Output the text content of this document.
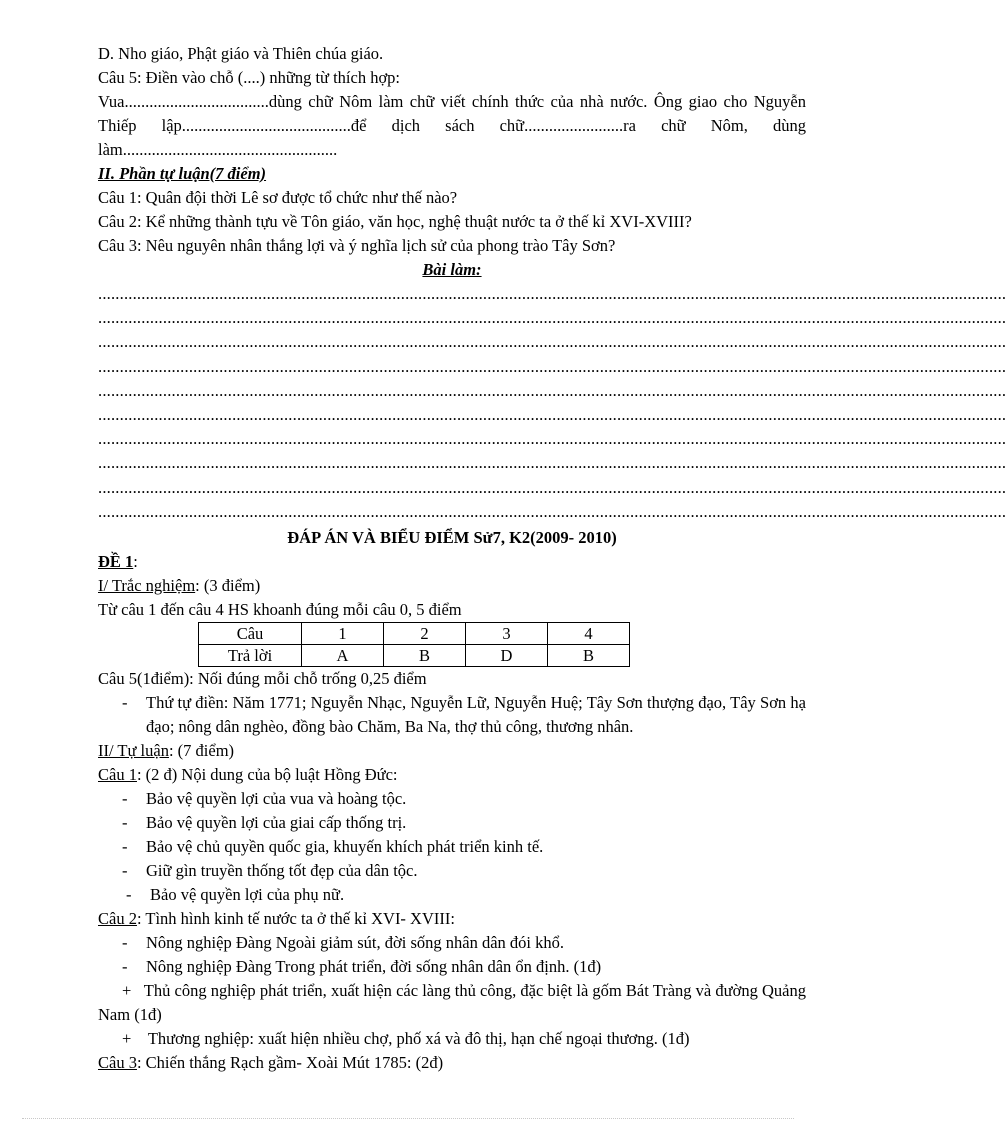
D. Nho giáo, Phật giáo và Thiên chúa giáo.

Câu 5: Điền vào chỗ (....) những từ thích hợp:

Vua...................................dùng chữ Nôm làm chữ viết chính thức của nhà nước. Ông giao cho Nguyễn Thiếp lập.........................................để dịch sách chữ........................ra chữ Nôm, dùng làm....................................................

II. Phần tự luận(7 điểm)

Câu 1: Quân đội thời Lê sơ được tổ chức như thế nào?

Câu 2: Kể những thành tựu về Tôn giáo, văn học, nghệ thuật nước ta ở thế kỉ XVI-XVIII?

Câu 3: Nêu nguyên nhân thắng lợi và ý nghĩa lịch sử của phong trào Tây Sơn?

Bài làm:

..................................................................................................................................................................................................................
..................................................................................................................................................................................................................
..................................................................................................................................................................................................................
..................................................................................................................................................................................................................
..................................................................................................................................................................................................................
..................................................................................................................................................................................................................
..................................................................................................................................................................................................................
..................................................................................................................................................................................................................
..................................................................................................................................................................................................................
..................................................................................................................................................................................................................

ĐÁP ÁN VÀ BIỂU ĐIỂM Sử7, K2(2009- 2010)

ĐỀ 1:

I/ Trắc nghiệm: (3 điểm)

Từ câu 1 đến câu 4 HS khoanh đúng mỗi câu 0, 5 điểm

Câu	1	2	3	4
Trả lời	A	B	D	B

Câu 5(1điểm): Nối đúng mỗi chỗ trống 0,25 điểm

- Thứ tự điền: Năm 1771; Nguyễn Nhạc, Nguyễn Lữ, Nguyễn Huệ; Tây Sơn thượng đạo, Tây Sơn hạ đạo; nông dân nghèo, đồng bào Chăm, Ba Na, thợ thủ công, thương nhân.

II/ Tự luận: (7 điểm)

Câu 1: (2 đ) Nội dung của bộ luật Hồng Đức:

- Bảo vệ quyền lợi của vua và hoàng tộc.
- Bảo vệ quyền lợi của giai cấp thống trị.
- Bảo vệ chủ quyền quốc gia, khuyến khích phát triển kinh tế.
- Giữ gìn truyền thống tốt đẹp của dân tộc.
- Bảo vệ quyền lợi của phụ nữ.

Câu 2: Tình hình kinh tế nước ta ở thế kỉ XVI- XVIII:

- Nông nghiệp Đàng Ngoài giảm sút, đời sống nhân dân đói khổ.
- Nông nghiệp Đàng Trong phát triển, đời sống nhân dân ổn định. (1đ)

+   Thủ công nghiệp phát triển, xuất hiện các làng thủ công, đặc biệt là gốm Bát Tràng và đường Quảng Nam (1đ)

+    Thương nghiệp: xuất hiện nhiều chợ, phố xá và đô thị, hạn chế ngoại thương. (1đ)

Câu 3: Chiến thắng Rạch gầm- Xoài Mút 1785: (2đ)
